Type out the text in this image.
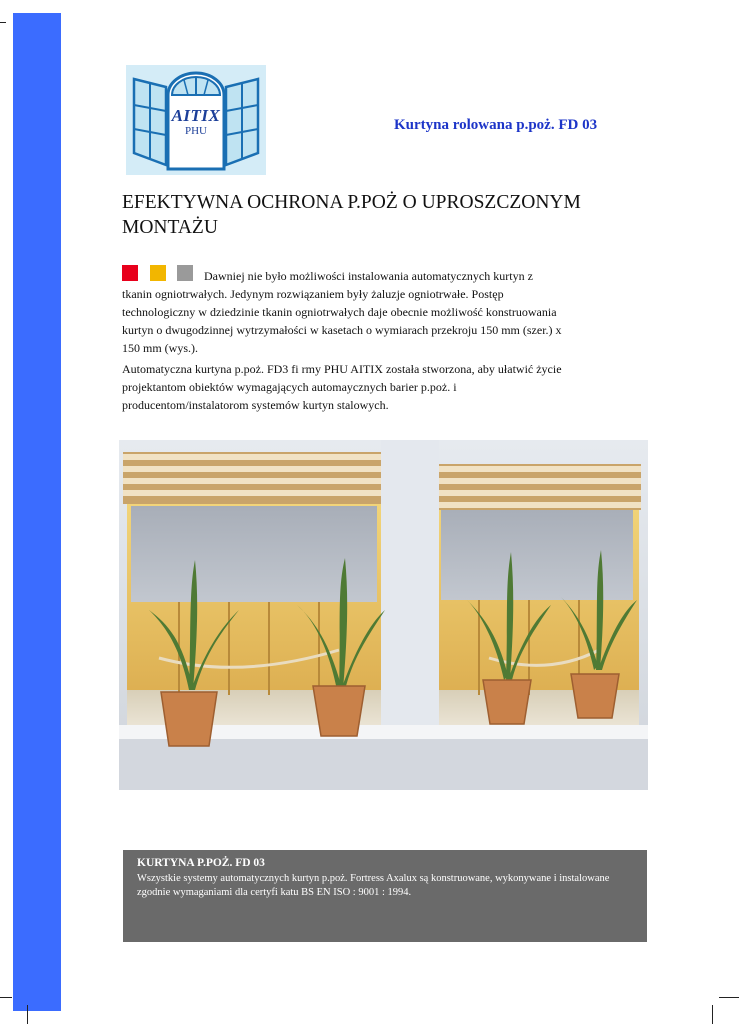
AITIX
PHU	Kurtyna rolowana p.poż. FD 03
EFEKTYWNA OCHRONA P.POŻ O UPROSZCZONYM MONTAŻU

Dawniej nie było możliwości instalowania automatycznych kurtyn z tkanin ogniotrwałych. Jedynym rozwiązaniem były żaluzje ogniotrwałe. Postęp technologiczny w dziedzinie tkanin ogniotrwałych daje obecnie możliwość konstruowania kurtyn o dwugodzinnej wytrzymałości w kasetach o wymiarach przekroju 150 mm (szer.) x 150 mm (wys.).

Automatyczna kurtyna p.poż. FD3 fi rmy PHU AITIX została stworzona, aby ułatwić życie projektantom obiektów wymagających automaycznych barier p.poż. i producentom/instalatorom systemów kurtyn stalowych.

KURTYNA P.POŻ. FD 03
Wszystkie systemy automatycznych kurtyn p.poż. Fortress Axalux są konstruowane, wykonywane i instalowane zgodnie wymaganiami dla certyfi katu BS EN ISO : 9001 : 1994.
